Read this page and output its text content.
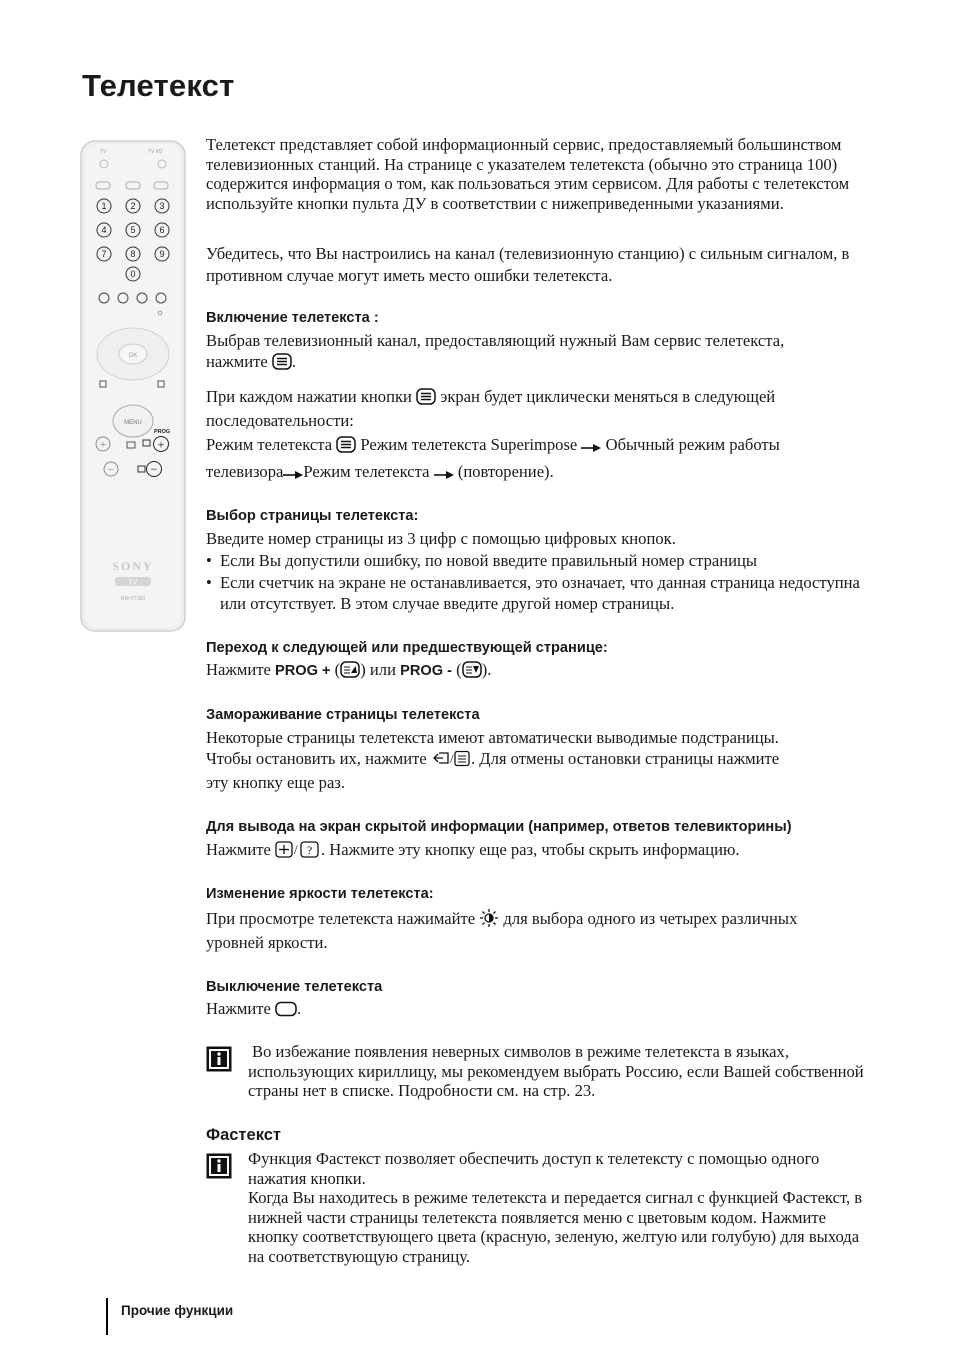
Телетекст
TV	TV I/O
1	2	3
4	5	6
7	8	9
0
☼
OK
MENU
PROG
+	+
−	−
SONY
TV
RM-YT183

Телетекст представляет собой информационный сервис, предоставляемый большинством телевизионных станций. На странице с указателем телетекста (обычно это страница 100) содержится информация о том, как пользоваться этим сервисом. Для работы с телетекстом используйте кнопки пульта ДУ в соответствии с нижеприведенными указаниями.

Убедитесь, что Вы настроились на канал (телевизионную станцию) с сильным сигналом, в противном случае могут иметь место ошибки телетекста.

Включение телетекста :

Выбрав телевизионный канал, предоставляющий нужный Вам сервис телетекста,

нажмите .

При каждом нажатии кнопки экран будет циклически меняться в следующей

последовательности:

Режим телетекста Режим телетекста Superimpose Обычный режим работы

телевизора Режим телетекста (повторение).

Выбор страницы телетекста:

Введите номер страницы из 3 цифр с помощью цифровых кнопок.

• Если Вы допустили ошибку, по новой введите правильный номер страницы

• Если счетчик на экране не останавливается, это означает, что данная страница недоступна или отсутствует. В этом случае введите другой номер страницы.

Переход к следующей или предшествующей странице:

Нажмите PROG + ( ) или PROG - ( ).

Замораживание страницы телетекста

Некоторые страницы телетекста имеют автоматически выводимые подстраницы.

Чтобы остановить их, нажмите / . Для отмены остановки страницы нажмите

эту кнопку еще раз.

Для вывода на экран скрытой информации (например, ответов телевикторины)

Нажмите / ? . Нажмите эту кнопку еще раз, чтобы скрыть информацию.

Изменение яркости телетекста:

При просмотре телетекста нажимайте для выбора одного из четырех различных

уровней яркости.

Выключение телетекста

Нажмите .

Во избежание появления неверных символов в режиме телетекста в языках, использующих кириллицу, мы рекомендуем выбрать Россию, если Вашей собственной страны нет в списке. Подробности см. на стр. 23.

Фастекст

Функция Фастекст позволяет обеспечить доступ к телетексту с помощью одного нажатия кнопки.

Когда Вы находитесь в режиме телетекста и передается сигнал с функцией Фастекст, в нижней части страницы телетекста появляется меню с цветовым кодом. Нажмите кнопку соответствующего цвета (красную, зеленую, желтую или голубую) для выхода на соответствующую страницу.

Прочие функции
